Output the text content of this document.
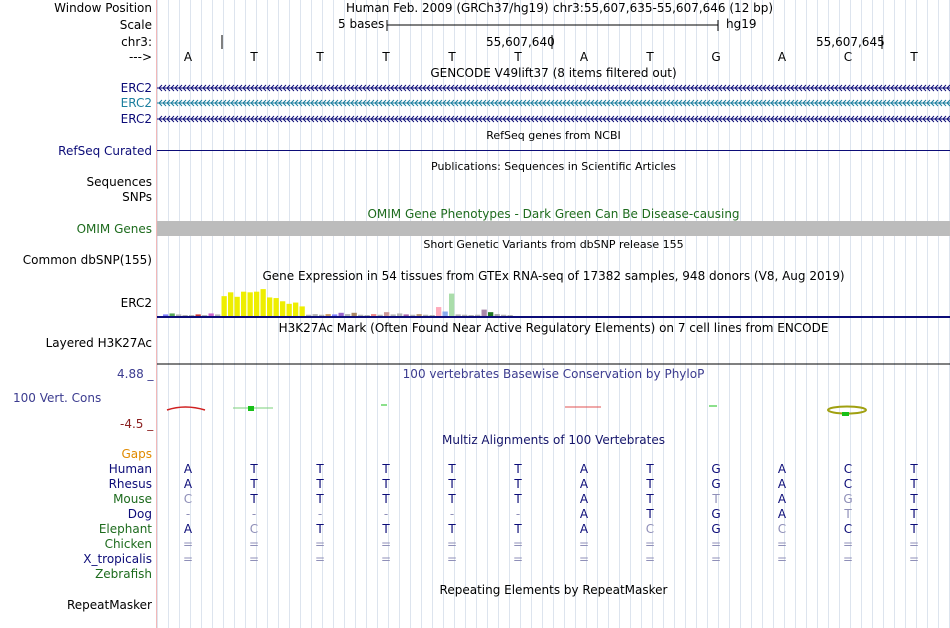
Window Position	Human Feb. 2009 (GRCh37/hg19) chr3:55,607,635-55,607,646 (12 bp)
Scale	5 bases	hg19
chr3:	55,607,640	55,607,645
--->	A	T	T	T	T	T	A	T	G	A	C	T
GENCODE V49lift37 (8 items filtered out)
ERC2
ERC2
ERC2
RefSeq genes from NCBI
RefSeq Curated
Publications: Sequences in Scientific Articles
Sequences
SNPs
OMIM Gene Phenotypes - Dark Green Can Be Disease-causing
OMIM Genes
Short Genetic Variants from dbSNP release 155
Common dbSNP(155)
Gene Expression in 54 tissues from GTEx RNA-seq of 17382 samples, 948 donors (V8, Aug 2019)
ERC2
H3K27Ac Mark (Often Found Near Active Regulatory Elements) on 7 cell lines from ENCODE
Layered H3K27Ac
100 vertebrates Basewise Conservation by PhyloP
4.88 _
100 Vert. Cons
-4.5 _
Multiz Alignments of 100 Vertebrates
Gaps
Human	A	T	T	T	T	T	A	T	G	A	C	T
Rhesus	A	T	T	T	T	T	A	T	G	A	C	T
Mouse	C	T	T	T	T	T	A	T	T	A	G	T
Dog	-	-	-	-	-	-	A	T	G	A	T	T
Elephant	A	C	T	T	T	T	A	C	G	C	C	T
Chicken	=	=	=	=	=	=	=	=	=	=	=	=
X_tropicalis	=	=	=	=	=	=	=	=	=	=	=	=
Zebrafish
Repeating Elements by RepeatMasker
RepeatMasker
